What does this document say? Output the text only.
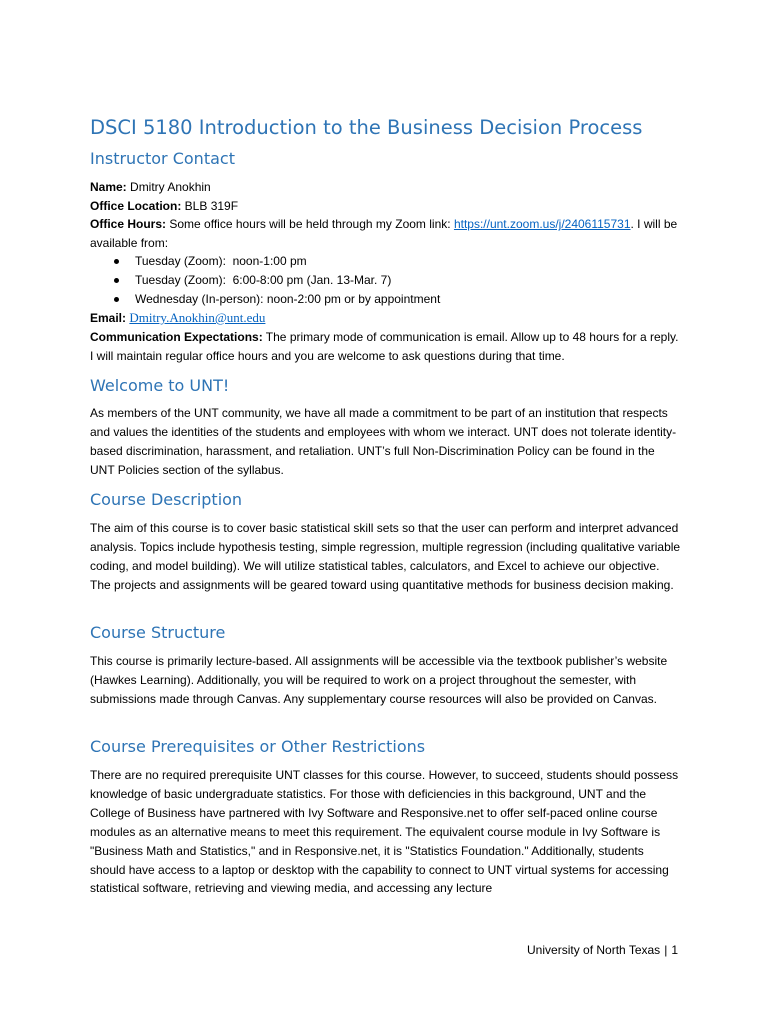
DSCI 5180 Introduction to the Business Decision Process
Instructor Contact

Name: Dmitry Anokhin

Office Location: BLB 319F

Office Hours: Some office hours will be held through my Zoom link: https://unt.zoom.us/j/2406115731. I will be available from:

Tuesday (Zoom):  noon-1:00 pm
Tuesday (Zoom):  6:00-8:00 pm (Jan. 13-Mar. 7)
Wednesday (In-person): noon-2:00 pm or by appointment

Email: Dmitry.Anokhin@unt.edu

Communication Expectations: The primary mode of communication is email. Allow up to 48 hours for a reply. I will maintain regular office hours and you are welcome to ask questions during that time.

Welcome to UNT!

As members of the UNT community, we have all made a commitment to be part of an institution that respects and values the identities of the students and employees with whom we interact. UNT does not tolerate identity-based discrimination, harassment, and retaliation. UNT’s full Non-Discrimination Policy can be found in the UNT Policies section of the syllabus.

Course Description

The aim of this course is to cover basic statistical skill sets so that the user can perform and interpret advanced analysis. Topics include hypothesis testing, simple regression, multiple regression (including qualitative variable coding, and model building). We will utilize statistical tables, calculators, and Excel to achieve our objective. The projects and assignments will be geared toward using quantitative methods for business decision making.

Course Structure

This course is primarily lecture-based. All assignments will be accessible via the textbook publisher’s website (Hawkes Learning). Additionally, you will be required to work on a project throughout the semester, with submissions made through Canvas. Any supplementary course resources will also be provided on Canvas.

Course Prerequisites or Other Restrictions

There are no required prerequisite UNT classes for this course. However, to succeed, students should possess knowledge of basic undergraduate statistics. For those with deficiencies in this background, UNT and the College of Business have partnered with Ivy Software and Responsive.net to offer self-paced online course modules as an alternative means to meet this requirement. The equivalent course module in Ivy Software is "Business Math and Statistics," and in Responsive.net, it is "Statistics Foundation." Additionally, students should have access to a laptop or desktop with the capability to connect to UNT virtual systems for accessing statistical software, retrieving and viewing media, and accessing any lecture

University of North Texas | 1
